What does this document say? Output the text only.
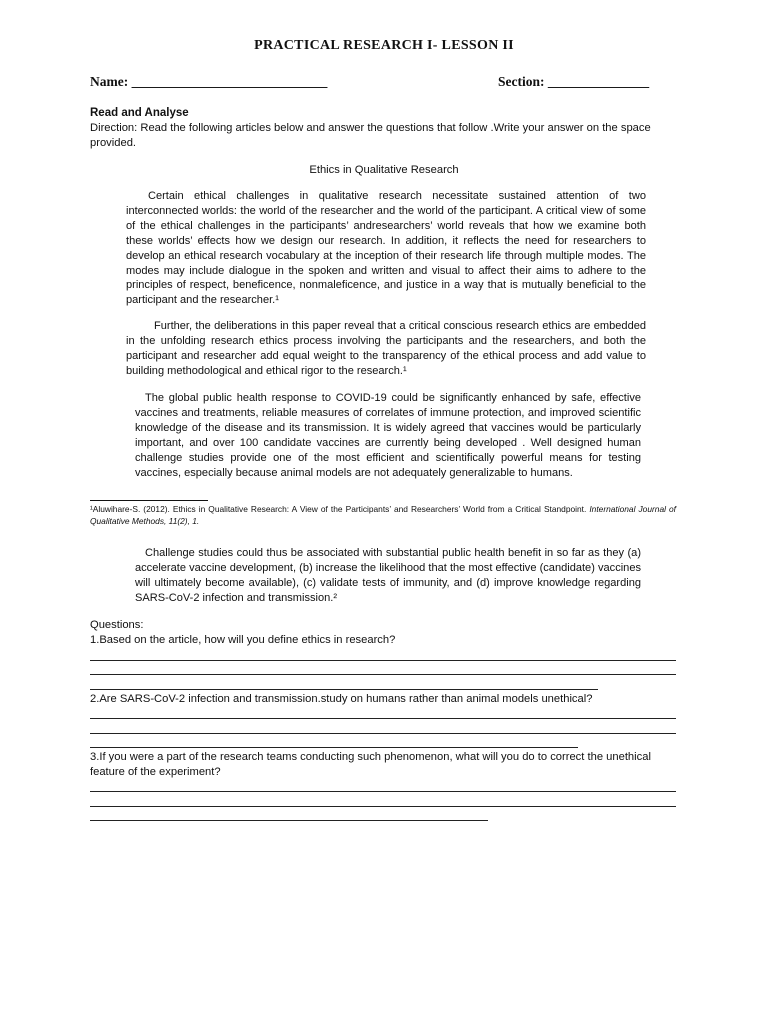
PRACTICAL RESEARCH I- LESSON II
Name: _____________________________	Section: _______________
Read and Analyse
Direction: Read the following articles below and answer the questions that follow .Write your answer on the space provided.
Ethics in Qualitative Research
Certain ethical challenges in qualitative research necessitate sustained attention of two interconnected worlds: the world of the researcher and the world of the participant. A critical view of some of the ethical challenges in the participants’ andresearchers’ world reveals that how we examine both these worlds’ effects how we design our research. In addition, it reflects the need for researchers to develop an ethical research vocabulary at the inception of their research life through multiple modes. The modes may include dialogue in the spoken and written and visual to affect their aims to adhere to the principles of respect, beneficence, nonmaleficence, and justice in a way that is mutually beneficial to the participant and the researcher.¹
Further, the deliberations in this paper reveal that a critical conscious research ethics are embedded in the unfolding research ethics process involving the participants and the researchers, and both the participant and researcher add equal weight to the transparency of the ethical process and add value to building methodological and ethical rigor to the research.¹
The global public health response to COVID-19 could be significantly enhanced by safe, effective vaccines and treatments, reliable measures of correlates of immune protection, and improved scientific knowledge of the disease and its transmission. It is widely agreed that vaccines would be particularly important, and over 100 candidate vaccines are currently being developed . Well designed human challenge studies provide one of the most efficient and scientifically powerful means for testing vaccines, especially because animal models are not adequately generalizable to humans.
¹Aluwihare-S. (2012). Ethics in Qualitative Research: A View of the Participants’ and Researchers’ World from a Critical Standpoint. International Journal of Qualitative Methods, 11(2), 1.
Challenge studies could thus be associated with substantial public health benefit in so far as they (a) accelerate vaccine development, (b) increase the likelihood that the most effective (candidate) vaccines will ultimately become available), (c) validate tests of immunity, and (d) improve knowledge regarding SARS-CoV-2 infection and transmission.²
Questions:
1.Based on the article, how will you define ethics in research?
2.Are SARS-CoV-2 infection and transmission.study on humans rather than animal models unethical?
3.If you were a part of the research teams conducting such phenomenon, what will you do to correct the unethical feature of the experiment?
